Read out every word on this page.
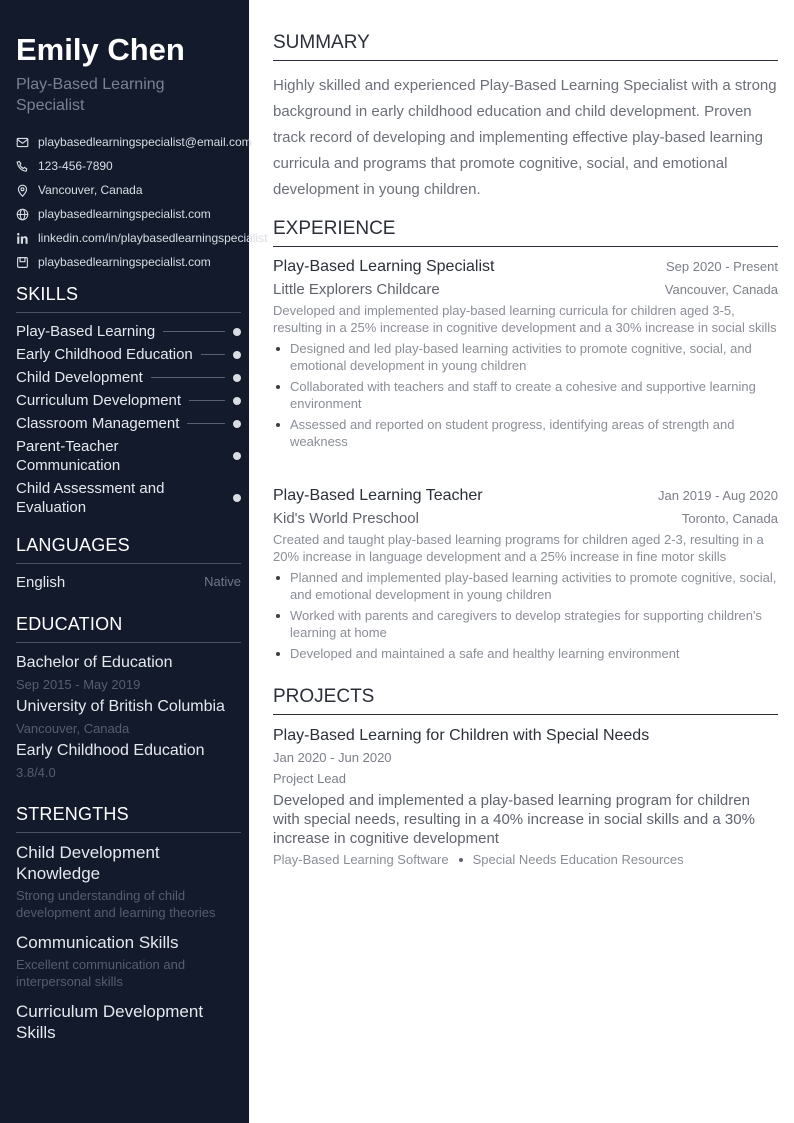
Emily Chen
Play-Based Learning Specialist
playbasedlearningspecialist@email.com
123-456-7890
Vancouver, Canada
playbasedlearningspecialist.com
linkedin.com/in/playbasedlearningspecialist
playbasedlearningspecialist.com
SKILLS
Play-Based Learning
Early Childhood Education
Child Development
Curriculum Development
Classroom Management
Parent-Teacher Communication
Child Assessment and Evaluation
LANGUAGES
English	Native
EDUCATION
Bachelor of Education
Sep 2015 - May 2019
University of British Columbia
Vancouver, Canada
Early Childhood Education
3.8/4.0
STRENGTHS
Child Development Knowledge
Strong understanding of child development and learning theories
Communication Skills
Excellent communication and interpersonal skills
Curriculum Development Skills
SUMMARY
Highly skilled and experienced Play-Based Learning Specialist with a strong background in early childhood education and child development. Proven track record of developing and implementing effective play-based learning curricula and programs that promote cognitive, social, and emotional development in young children.
EXPERIENCE
Play-Based Learning Specialist	Sep 2020 - Present
Little Explorers Childcare	Vancouver, Canada
Developed and implemented play-based learning curricula for children aged 3-5, resulting in a 25% increase in cognitive development and a 30% increase in social skills
Designed and led play-based learning activities to promote cognitive, social, and emotional development in young children
Collaborated with teachers and staff to create a cohesive and supportive learning environment
Assessed and reported on student progress, identifying areas of strength and weakness
Play-Based Learning Teacher	Jan 2019 - Aug 2020
Kid's World Preschool	Toronto, Canada
Created and taught play-based learning programs for children aged 2-3, resulting in a 20% increase in language development and a 25% increase in fine motor skills
Planned and implemented play-based learning activities to promote cognitive, social, and emotional development in young children
Worked with parents and caregivers to develop strategies for supporting children's learning at home
Developed and maintained a safe and healthy learning environment
PROJECTS
Play-Based Learning for Children with Special Needs
Jan 2020 - Jun 2020
Project Lead
Developed and implemented a play-based learning program for children with special needs, resulting in a 40% increase in social skills and a 30% increase in cognitive development
Play-Based Learning Software Special Needs Education Resources
